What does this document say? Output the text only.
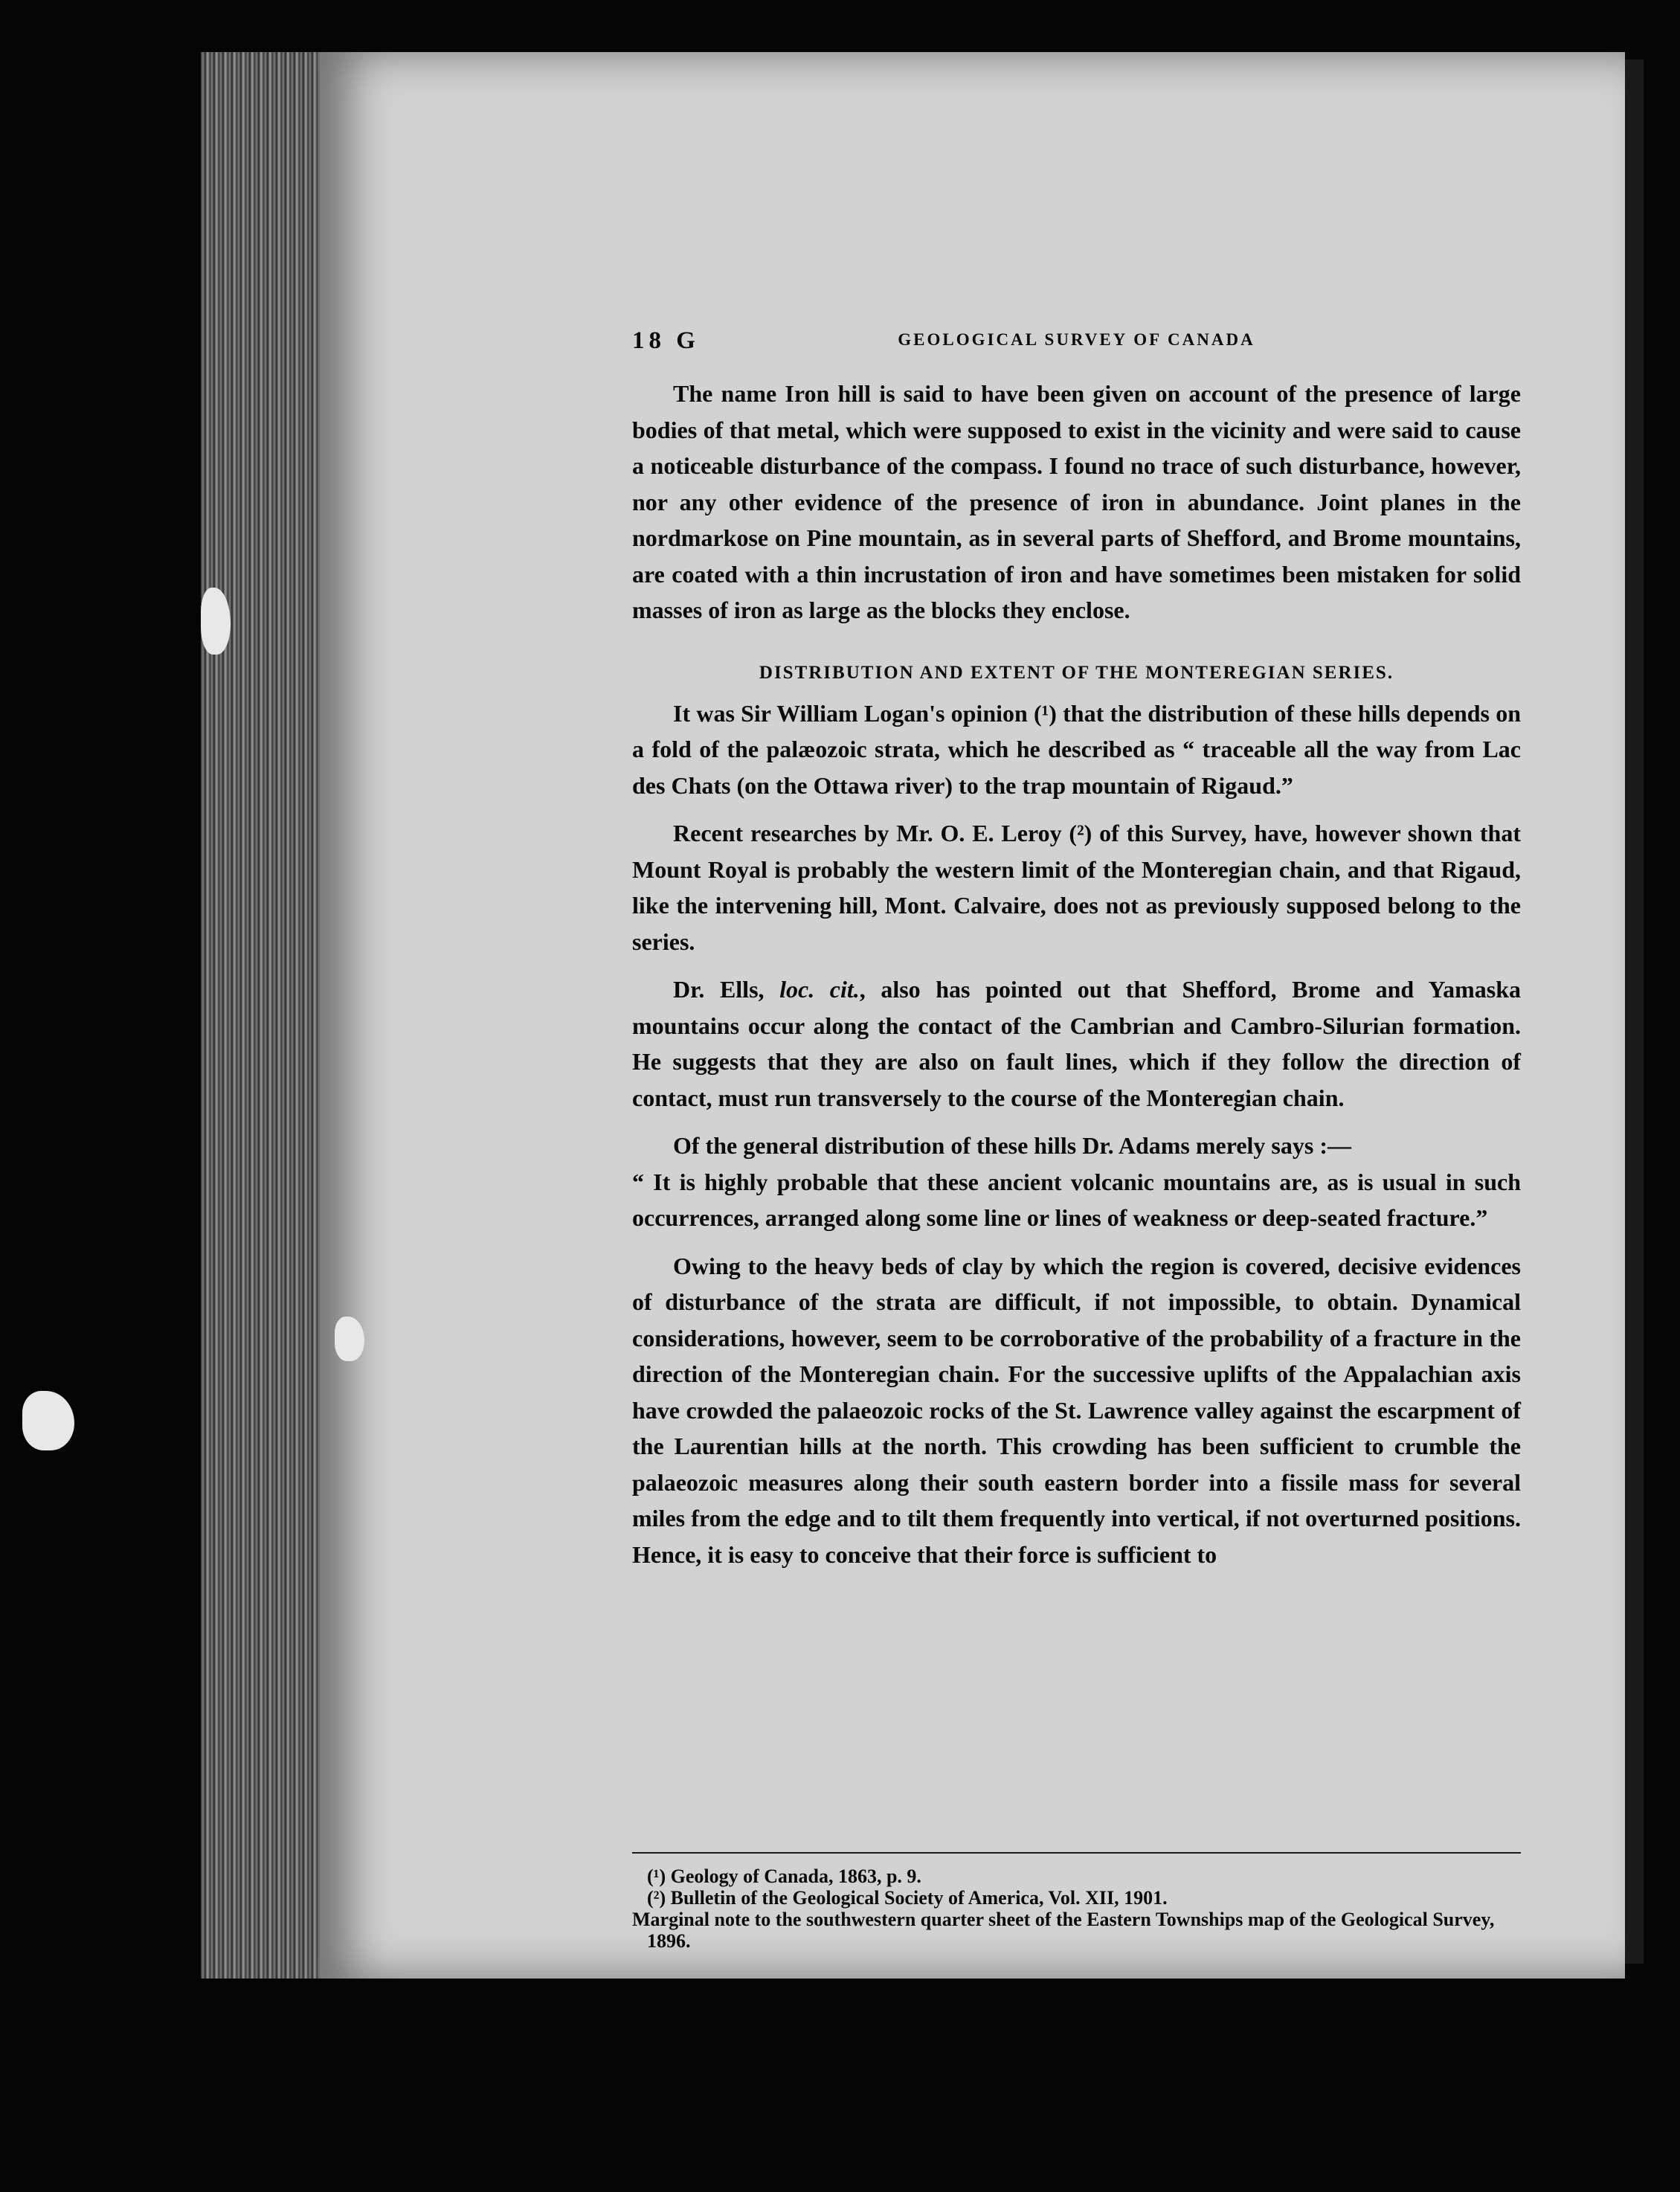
18 G	GEOLOGICAL SURVEY OF CANADA

The name Iron hill is said to have been given on account of the presence of large bodies of that metal, which were supposed to exist in the vicinity and were said to cause a noticeable disturbance of the compass. I found no trace of such disturbance, however, nor any other evidence of the presence of iron in abundance. Joint planes in the nordmarkose on Pine mountain, as in several parts of Shefford, and Brome mountains, are coated with a thin incrustation of iron and have sometimes been mistaken for solid masses of iron as large as the blocks they enclose.

DISTRIBUTION AND EXTENT OF THE MONTEREGIAN SERIES.

It was Sir William Logan's opinion (¹) that the distribution of these hills depends on a fold of the palæozoic strata, which he described as “ traceable all the way from Lac des Chats (on the Ottawa river) to the trap mountain of Rigaud.”

Recent researches by Mr. O. E. Leroy (²) of this Survey, have, however shown that Mount Royal is probably the western limit of the Monteregian chain, and that Rigaud, like the intervening hill, Mont. Calvaire, does not as previously supposed belong to the series.

Dr. Ells, loc. cit., also has pointed out that Shefford, Brome and Yamaska mountains occur along the contact of the Cambrian and Cambro-Silurian formation. He suggests that they are also on fault lines, which if they follow the direction of contact, must run transversely to the course of the Monteregian chain.

Of the general distribution of these hills Dr. Adams merely says :—

“ It is highly probable that these ancient volcanic mountains are, as is usual in such occurrences, arranged along some line or lines of weakness or deep-seated fracture.”

Owing to the heavy beds of clay by which the region is covered, decisive evidences of disturbance of the strata are difficult, if not impossible, to obtain. Dynamical considerations, however, seem to be corroborative of the probability of a fracture in the direction of the Monteregian chain. For the successive uplifts of the Appalachian axis have crowded the palaeozoic rocks of the St. Lawrence valley against the escarpment of the Laurentian hills at the north. This crowding has been sufficient to crumble the palaeozoic measures along their south eastern border into a fissile mass for several miles from the edge and to tilt them frequently into vertical, if not overturned positions. Hence, it is easy to conceive that their force is sufficient to

(¹) Geology of Canada, 1863, p. 9.
(²) Bulletin of the Geological Society of America, Vol. XII, 1901.
Marginal note to the southwestern quarter sheet of the Eastern Townships map of the Geological Survey, 1896.
